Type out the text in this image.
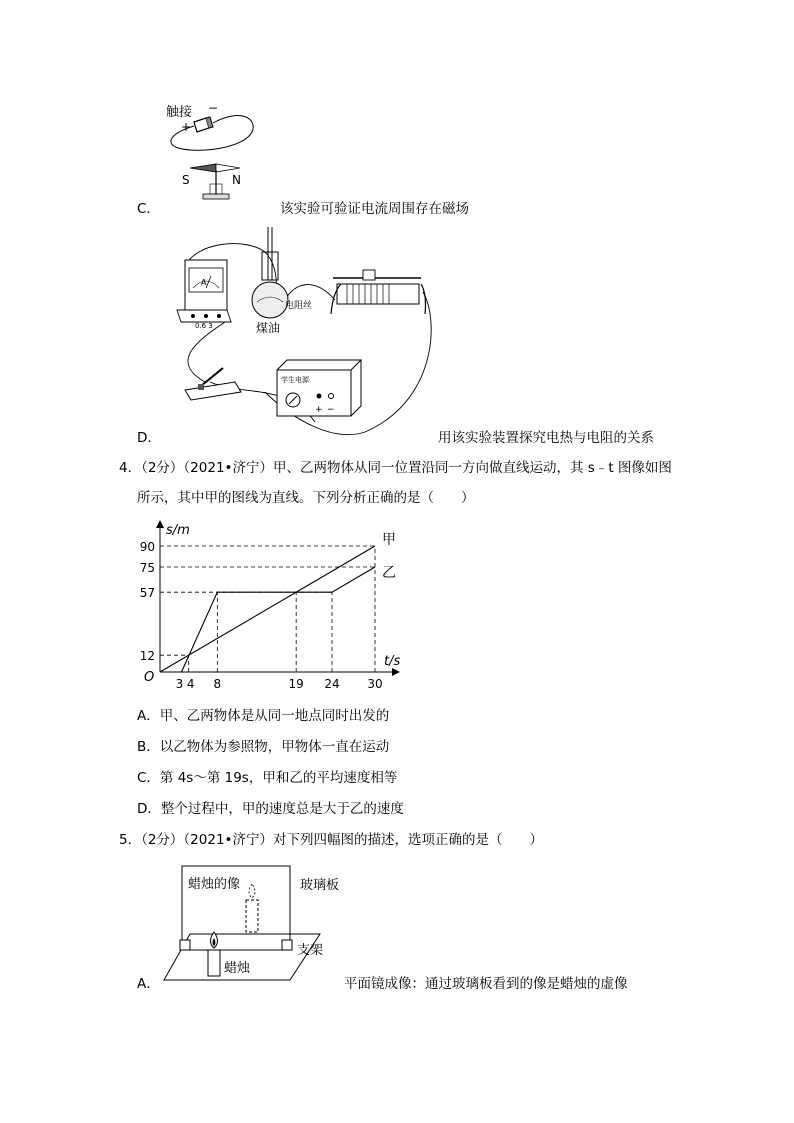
触接 −
+
S	N
C．	该实验可验证电流周围存在磁场
A
0.6 3	煤油
电阻丝
学生电源
+ −
D．	用该实验装置探究电热与电阻的关系
4．（2分）（2021•济宁）甲、乙两物体从同一位置沿同一方向做直线运动，其 s﹣t 图像如图
所示，其中甲的图线为直线。下列分析正确的是（　　）
甲
乙
12
57
75
90
3 4 8	19 24 30
s/m
t/s
O
A．甲、乙两物体是从同一地点同时出发的
B．以乙物体为参照物，甲物体一直在运动
C．第 4s～第 19s，甲和乙的平均速度相等
D．整个过程中，甲的速度总是大于乙的速度
5．（2分）（2021•济宁）对下列四幅图的描述，选项正确的是（　　）
蜡烛的像
蜡烛
玻璃板
支架
A．	平面镜成像：通过玻璃板看到的像是蜡烛的虚像
